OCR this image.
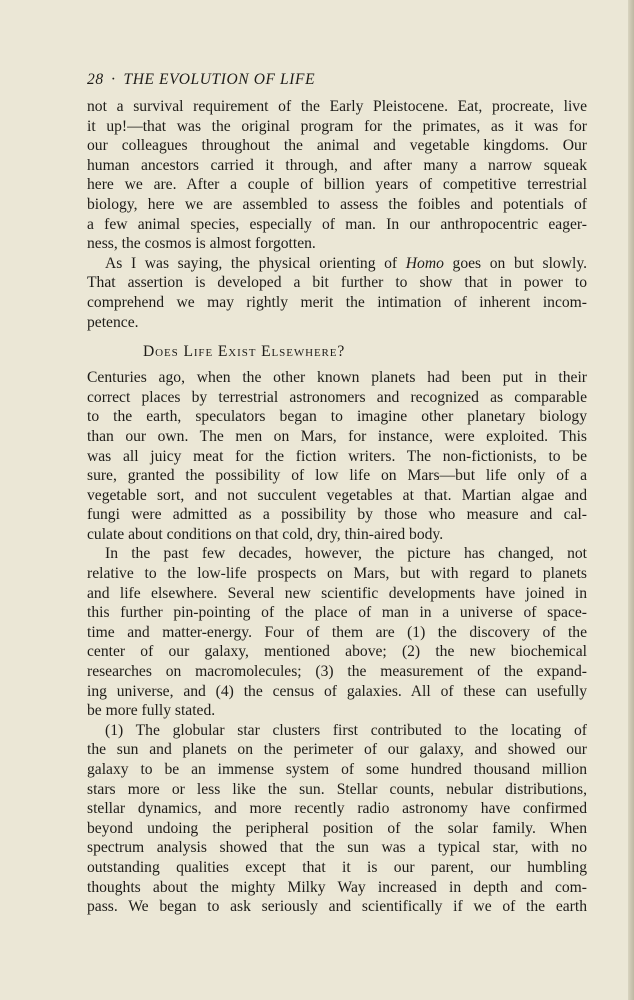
28 · THE EVOLUTION OF LIFE
not a survival requirement of the Early Pleistocene. Eat, procreate, live
it up!—that was the original program for the primates, as it was for
our colleagues throughout the animal and vegetable kingdoms. Our
human ancestors carried it through, and after many a narrow squeak
here we are. After a couple of billion years of competitive terrestrial
biology, here we are assembled to assess the foibles and potentials of
a few animal species, especially of man. In our anthropocentric eager-
ness, the cosmos is almost forgotten.
As I was saying, the physical orienting of Homo goes on but slowly.
That assertion is developed a bit further to show that in power to
comprehend we may rightly merit the intimation of inherent incom-
petence.
Does Life Exist Elsewhere?
Centuries ago, when the other known planets had been put in their
correct places by terrestrial astronomers and recognized as comparable
to the earth, speculators began to imagine other planetary biology
than our own. The men on Mars, for instance, were exploited. This
was all juicy meat for the fiction writers. The non-fictionists, to be
sure, granted the possibility of low life on Mars—but life only of a
vegetable sort, and not succulent vegetables at that. Martian algae and
fungi were admitted as a possibility by those who measure and cal-
culate about conditions on that cold, dry, thin-aired body.
In the past few decades, however, the picture has changed, not
relative to the low-life prospects on Mars, but with regard to planets
and life elsewhere. Several new scientific developments have joined in
this further pin-pointing of the place of man in a universe of space-
time and matter-energy. Four of them are (1) the discovery of the
center of our galaxy, mentioned above; (2) the new biochemical
researches on macromolecules; (3) the measurement of the expand-
ing universe, and (4) the census of galaxies. All of these can usefully
be more fully stated.
(1) The globular star clusters first contributed to the locating of
the sun and planets on the perimeter of our galaxy, and showed our
galaxy to be an immense system of some hundred thousand million
stars more or less like the sun. Stellar counts, nebular distributions,
stellar dynamics, and more recently radio astronomy have confirmed
beyond undoing the peripheral position of the solar family. When
spectrum analysis showed that the sun was a typical star, with no
outstanding qualities except that it is our parent, our humbling
thoughts about the mighty Milky Way increased in depth and com-
pass. We began to ask seriously and scientifically if we of the earth
